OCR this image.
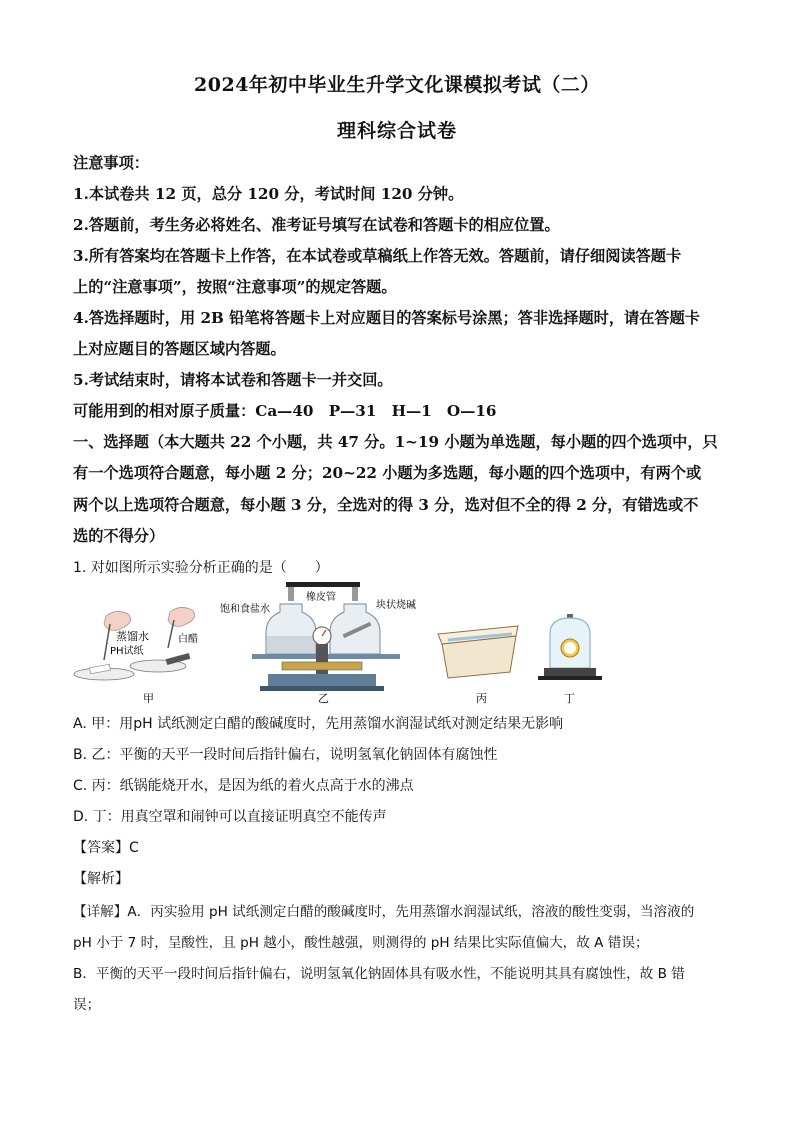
2024年初中毕业生升学文化课模拟考试（二）
理科综合试卷
注意事项：
1.本试卷共 12 页，总分 120 分，考试时间 120 分钟。
2.答题前，考生务必将姓名、准考证号填写在试卷和答题卡的相应位置。
3.所有答案均在答题卡上作答，在本试卷或草稿纸上作答无效。答题前，请仔细阅读答题卡
上的“注意事项”，按照“注意事项”的规定答题。
4.答选择题时，用 2B 铅笔将答题卡上对应题目的答案标号涂黑；答非选择题时，请在答题卡
上对应题目的答题区域内答题。
5.考试结束时，请将本试卷和答题卡一并交回。
可能用到的相对原子质量：Ca—40　P—31　H—1　O—16
一、选择题（本大题共 22 个小题，共 47 分。1~19 小题为单选题，每小题的四个选项中，只
有一个选项符合题意，每小题 2 分；20~22 小题为多选题，每小题的四个选项中，有两个或
两个以上选项符合题意，每小题 3 分，全选对的得 3 分，选对但不全的得 2 分，有错选或不
选的不得分）
1. 对如图所示实验分析正确的是（　　）
蒸馏水
PH试纸
白醋
甲
饱和食盐水
橡皮管
块状烧碱
乙	丙	丁
A. 甲：用pH 试纸测定白醋的酸碱度时，先用蒸馏水润湿试纸对测定结果无影响
B. 乙：平衡的天平一段时间后指针偏右，说明氢氧化钠固体有腐蚀性
C. 丙：纸锅能烧开水，是因为纸的着火点高于水的沸点
D. 丁：用真空罩和闹钟可以直接证明真空不能传声
【答案】C
【解析】
【详解】A．丙实验用 pH 试纸测定白醋的酸碱度时，先用蒸馏水润湿试纸，溶液的酸性变弱，当溶液的
pH 小于 7 时，呈酸性，且 pH 越小，酸性越强，则测得的 pH 结果比实际值偏大，故 A 错误；
B．平衡的天平一段时间后指针偏右，说明氢氧化钠固体具有吸水性，不能说明其具有腐蚀性，故 B 错
误；
